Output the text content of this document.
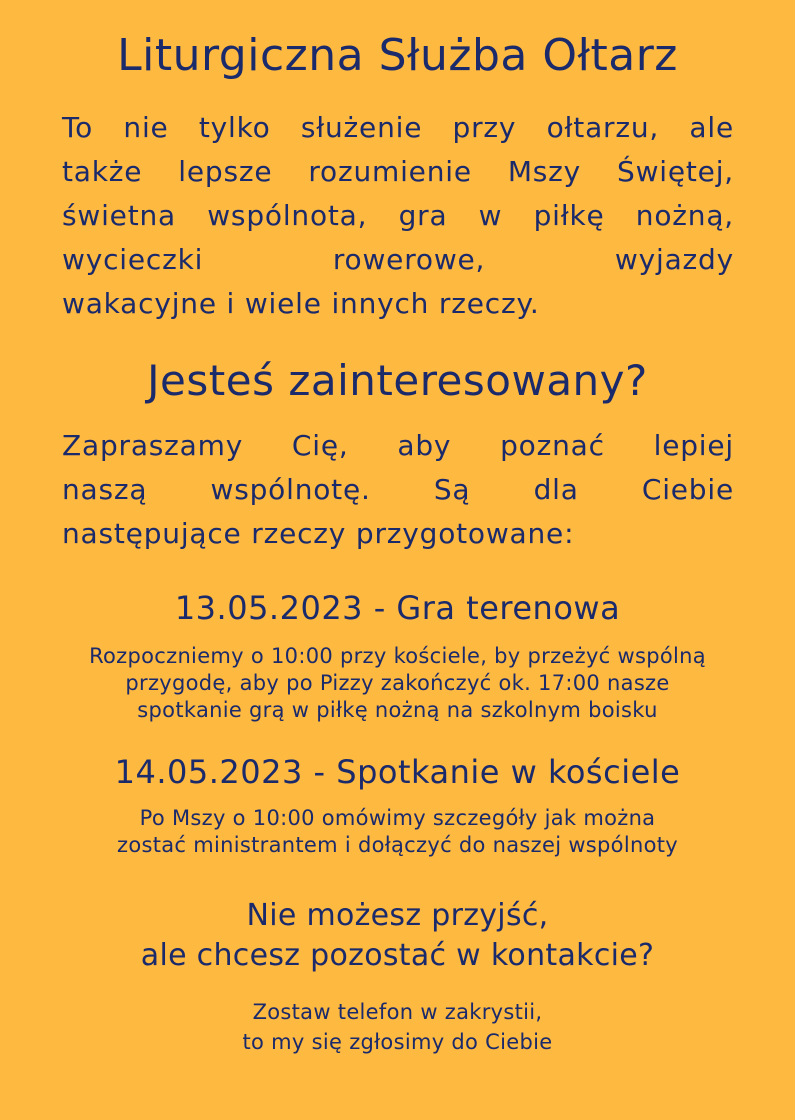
Liturgiczna Służba Ołtarz
To nie tylko służenie przy ołtarzu, ale
także lepsze rozumienie Mszy Świętej,
świetna wspólnota, gra w piłkę nożną,
wycieczki rowerowe, wyjazdy
wakacyjne i wiele innych rzeczy.
Jesteś zainteresowany?
Zapraszamy Cię, aby poznać lepiej
naszą wspólnotę. Są dla Ciebie
następujące rzeczy przygotowane:
13.05.2023 - Gra terenowa
Rozpoczniemy o 10:00 przy kościele, by przeżyć wspólną
przygodę, aby po Pizzy zakończyć ok. 17:00 nasze
spotkanie grą w piłkę nożną na szkolnym boisku
14.05.2023 - Spotkanie w kościele
Po Mszy o 10:00 omówimy szczegóły jak można
zostać ministrantem i dołączyć do naszej wspólnoty
Nie możesz przyjść,
ale chcesz pozostać w kontakcie?
Zostaw telefon w zakrystii,
to my się zgłosimy do Ciebie
